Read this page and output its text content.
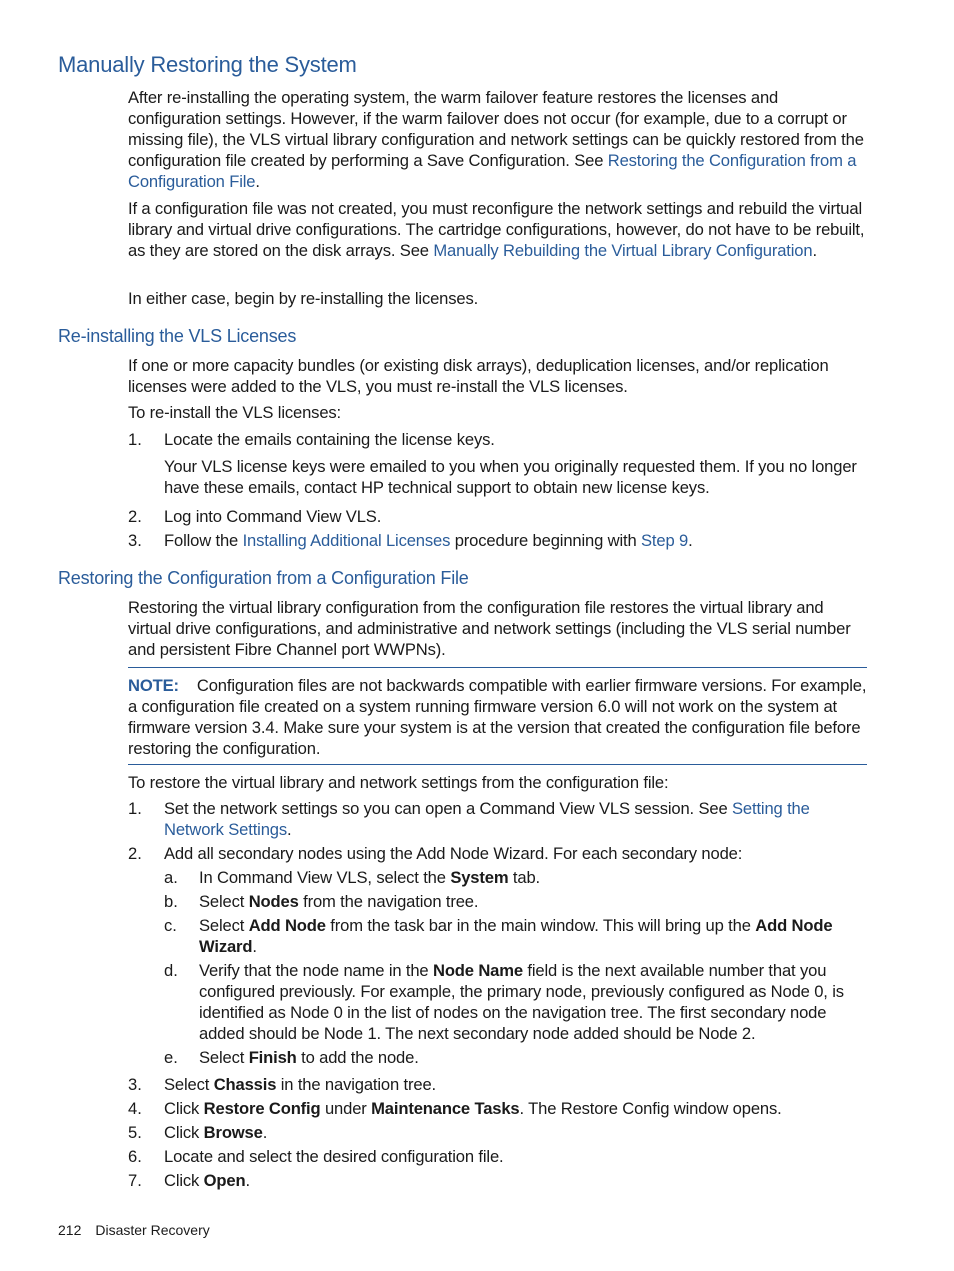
Manually Restoring the System

After re-installing the operating system, the warm failover feature restores the licenses and configuration settings. However, if the warm failover does not occur (for example, due to a corrupt or missing file), the VLS virtual library configuration and network settings can be quickly restored from the configuration file created by performing a Save Configuration. See Restoring the Configuration from a Configuration File.

If a configuration file was not created, you must reconfigure the network settings and rebuild the virtual library and virtual drive configurations. The cartridge configurations, however, do not have to be rebuilt, as they are stored on the disk arrays. See Manually Rebuilding the Virtual Library Configuration.

In either case, begin by re-installing the licenses.

Re-installing the VLS Licenses

If one or more capacity bundles (or existing disk arrays), deduplication licenses, and/or replication licenses were added to the VLS, you must re-install the VLS licenses.

To re-install the VLS licenses:

1. Locate the emails containing the license keys.
Your VLS license keys were emailed to you when you originally requested them. If you no longer have these emails, contact HP technical support to obtain new license keys.
2. Log into Command View VLS.
3. Follow the Installing Additional Licenses procedure beginning with Step 9.
Restoring the Configuration from a Configuration File

Restoring the virtual library configuration from the configuration file restores the virtual library and virtual drive configurations, and administrative and network settings (including the VLS serial number and persistent Fibre Channel port WWPNs).

NOTE: Configuration files are not backwards compatible with earlier firmware versions. For example, a configuration file created on a system running firmware version 6.0 will not work on the system at firmware version 3.4. Make sure your system is at the version that created the configuration file before restoring the configuration.

To restore the virtual library and network settings from the configuration file:

1. Set the network settings so you can open a Command View VLS session. See Setting the Network Settings.
2. Add all secondary nodes using the Add Node Wizard. For each secondary node:
a. In Command View VLS, select the System tab.
b. Select Nodes from the navigation tree.
c. Select Add Node from the task bar in the main window. This will bring up the Add Node Wizard.
d. Verify that the node name in the Node Name field is the next available number that you configured previously. For example, the primary node, previously configured as Node 0, is identified as Node 0 in the list of nodes on the navigation tree. The first secondary node added should be Node 1. The next secondary node added should be Node 2.
e. Select Finish to add the node.
3. Select Chassis in the navigation tree.
4. Click Restore Config under Maintenance Tasks. The Restore Config window opens.
5. Click Browse.
6. Locate and select the desired configuration file.
7. Click Open.
212 Disaster Recovery
